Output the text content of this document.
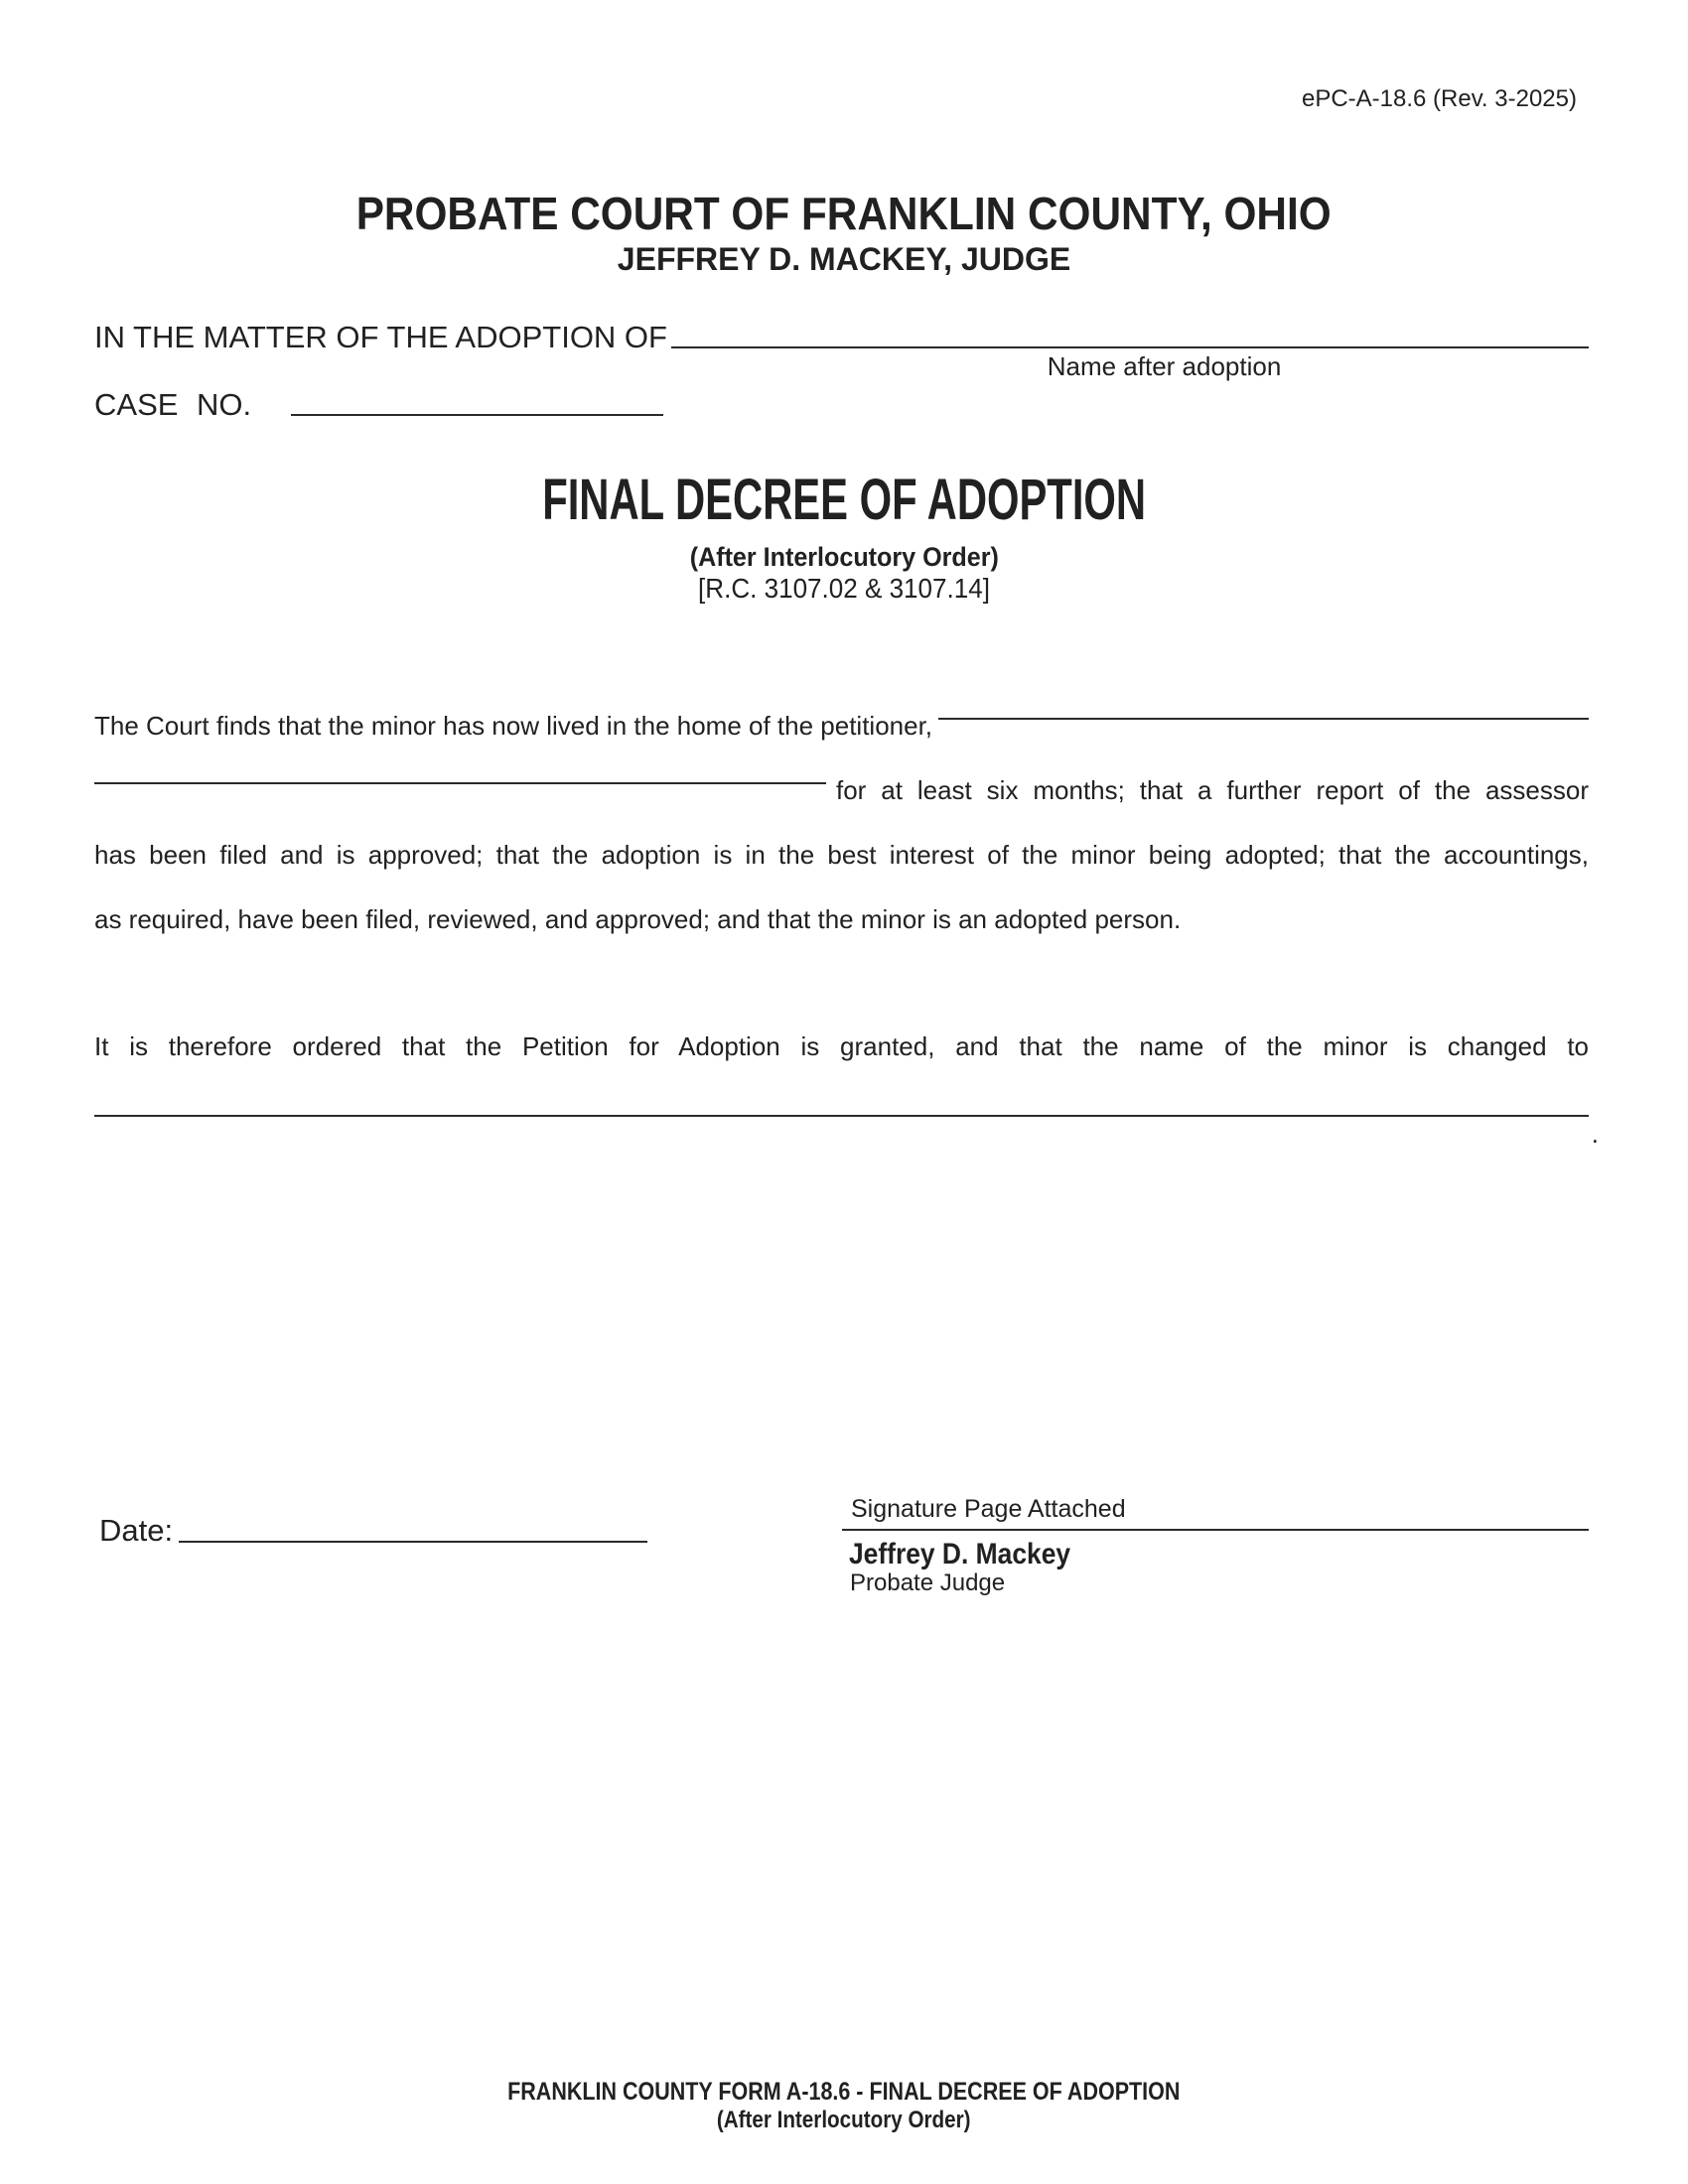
ePC-A-18.6 (Rev. 3-2025)
PROBATE COURT OF FRANKLIN COUNTY, OHIO
JEFFREY D. MACKEY, JUDGE
IN THE MATTER OF THE ADOPTION OF
Name after adoption
CASE NO.
FINAL DECREE OF ADOPTION
(After Interlocutory Order)
[R.C. 3107.02 & 3107.14]
The Court finds that the minor has now lived in the home of the petitioner,
for at least six months; that a further report of the assessor
has been filed and is approved; that the adoption is in the best interest of the minor being adopted; that the accountings,
as required, have been filed, reviewed, and approved; and that the minor is an adopted person.
It is therefore ordered that the Petition for Adoption is granted, and that the name of the minor is changed to
.
Date:
Signature Page Attached
Jeffrey D. Mackey
Probate Judge
FRANKLIN COUNTY FORM A-18.6 - FINAL DECREE OF ADOPTION
(After Interlocutory Order)
